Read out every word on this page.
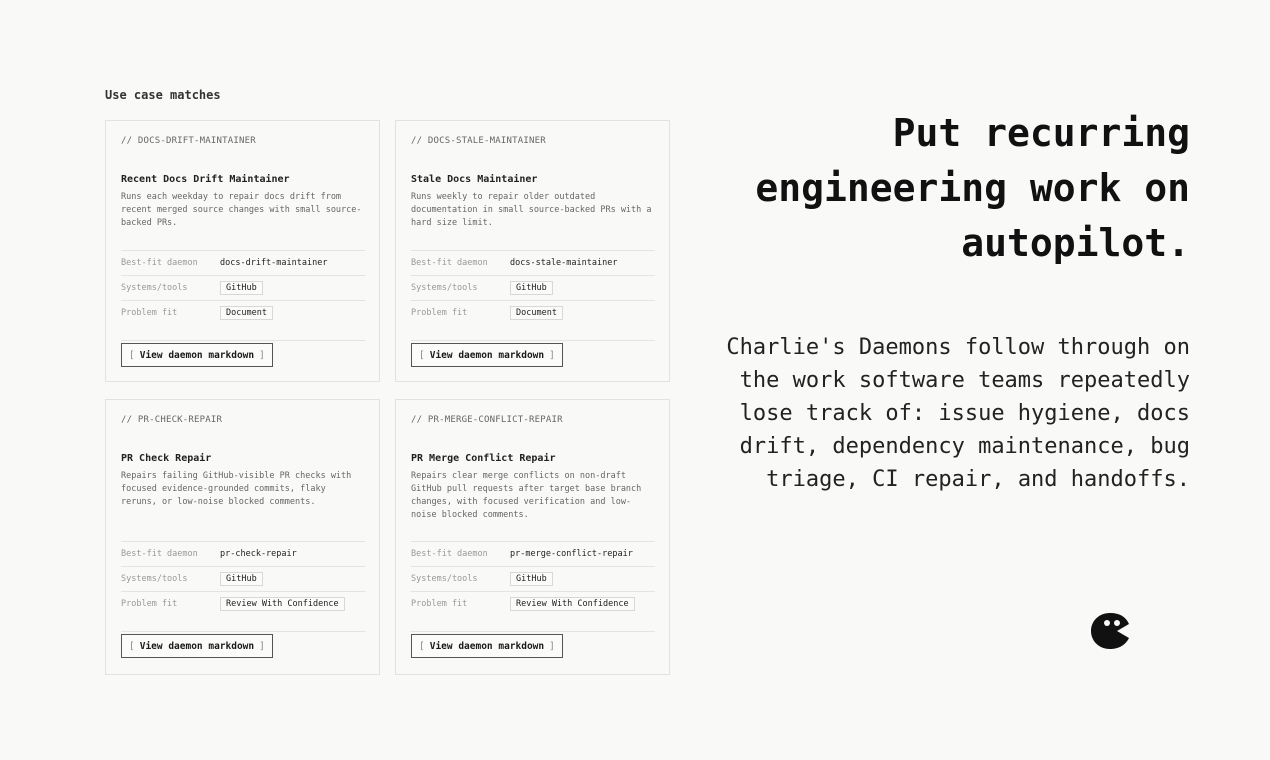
Use case matches
// DOCS-DRIFT-MAINTAINER
Recent Docs Drift Maintainer
Runs each weekday to repair docs drift from recent merged source changes with small source-backed PRs.
Best-fit daemon	docs-drift-maintainer
Systems/tools	GitHub
Problem fit	Document
[ View daemon markdown ]
// DOCS-STALE-MAINTAINER
Stale Docs Maintainer
Runs weekly to repair older outdated documentation in small source-backed PRs with a hard size limit.
Best-fit daemon	docs-stale-maintainer
Systems/tools	GitHub
Problem fit	Document
[ View daemon markdown ]
// PR-CHECK-REPAIR
PR Check Repair
Repairs failing GitHub-visible PR checks with focused evidence-grounded commits, flaky reruns, or low-noise blocked comments.
Best-fit daemon	pr-check-repair
Systems/tools	GitHub
Problem fit	Review With Confidence
[ View daemon markdown ]
// PR-MERGE-CONFLICT-REPAIR
PR Merge Conflict Repair
Repairs clear merge conflicts on non-draft GitHub pull requests after target base branch changes, with focused verification and low-noise blocked comments.
Best-fit daemon	pr-merge-conflict-repair
Systems/tools	GitHub
Problem fit	Review With Confidence
[ View daemon markdown ]
Put recurring engineering work on autopilot.
Charlie's Daemons follow through on the work software teams repeatedly lose track of: issue hygiene, docs drift, dependency maintenance, bug triage, CI repair, and handoffs.
